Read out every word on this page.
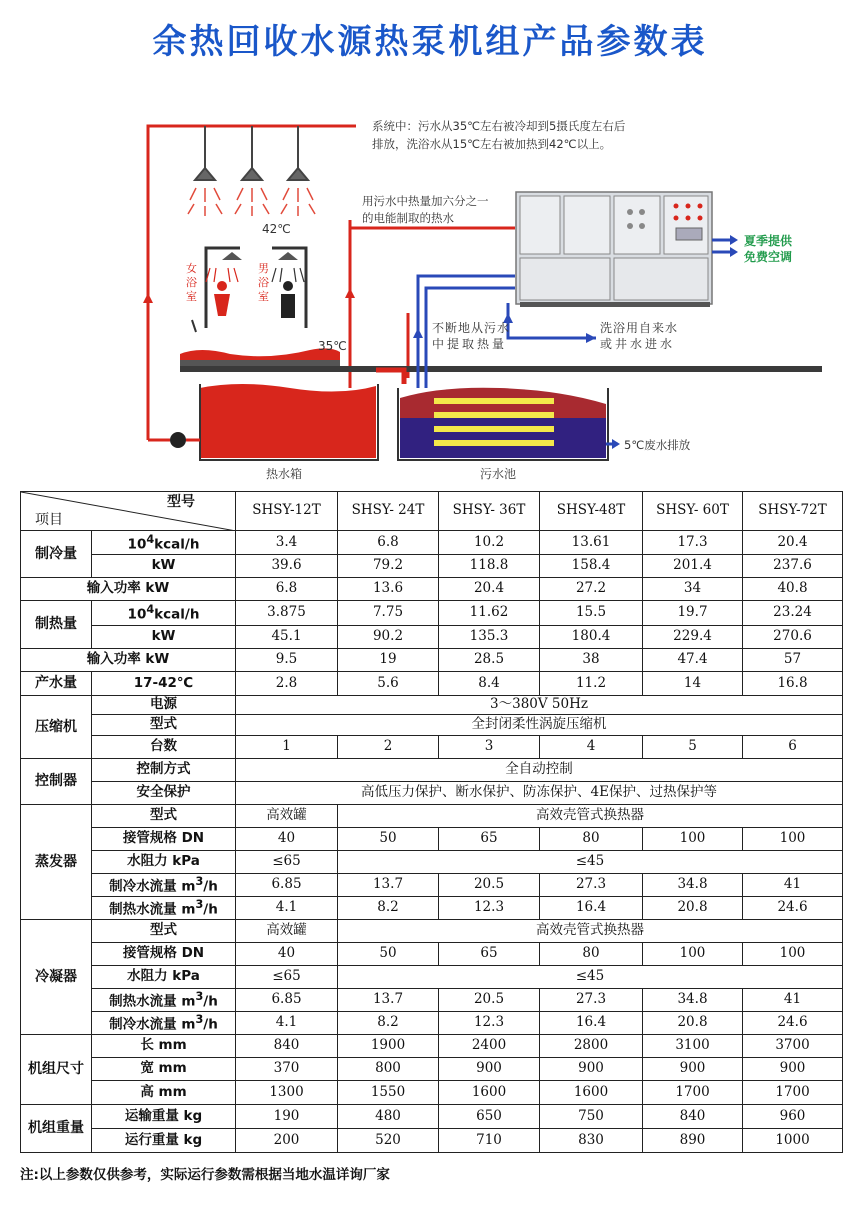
余热回收水源热泵机组产品参数表
42℃
女浴室
男浴室
35℃
系统中：污水从35℃左右被冷却到5摄氏度左右后
排放，洗浴水从15℃左右被加热到42℃以上。
用污水中热量加六分之一
的电能制取的热水
不断地从污水
中提取热量
洗浴用自来水
或井水进水
夏季提供
免费空调
5℃废水排放
热水箱	污水池
型号
项目		SHSY-12T	SHSY- 24T	SHSY- 36T	SHSY-48T	SHSY- 60T	SHSY-72T
制冷量	$10^4kcal/h$	3.4	6.8	10.2	13.61	17.3	20.4
	kW	39.6	79.2	118.8	158.4	201.4	237.6
输入功率 kW		6.8	13.6	20.4	27.2	34	40.8
制热量	$10^4kcal/h$	3.875	7.75	11.62	15.5	19.7	23.24
	kW	45.1	90.2	135.3	180.4	229.4	270.6
输入功率 kW		9.5	19	28.5	38	47.4	57
产水量	17-42℃	2.8	5.6	8.4	11.2	14	16.8
压缩机	电源	3～380V 50Hz					
	型式	全封闭柔性涡旋压缩机					
	台数	1	2	3	4	5	6
控制器	控制方式	全自动控制					
	安全保护	高低压力保护、断水保护、防冻保护、4E保护、过热保护等					
蒸发器	型式	高效罐	高效壳管式换热器				
	接管规格 DN	40	50	65	80	100	100
	水阻力 kPa	≤65	≤45				
	制冷水流量 $m^3/h$	6.85	13.7	20.5	27.3	34.8	41
	制热水流量 $m^3/h$	4.1	8.2	12.3	16.4	20.8	24.6
冷凝器	型式	高效罐	高效壳管式换热器				
	接管规格 DN	40	50	65	80	100	100
	水阻力 kPa	≤65	≤45				
	制热水流量 $m^3/h$	6.85	13.7	20.5	27.3	34.8	41
	制冷水流量 $m^3/h$	4.1	8.2	12.3	16.4	20.8	24.6
机组尺寸	长 mm	840	1900	2400	2800	3100	3700
	宽 mm	370	800	900	900	900	900
	高 mm	1300	1550	1600	1600	1700	1700
机组重量	运输重量 kg	190	480	650	750	840	960
	运行重量 kg	200	520	710	830	890	1000
注:以上参数仅供参考，实际运行参数需根据当地水温详询厂家
